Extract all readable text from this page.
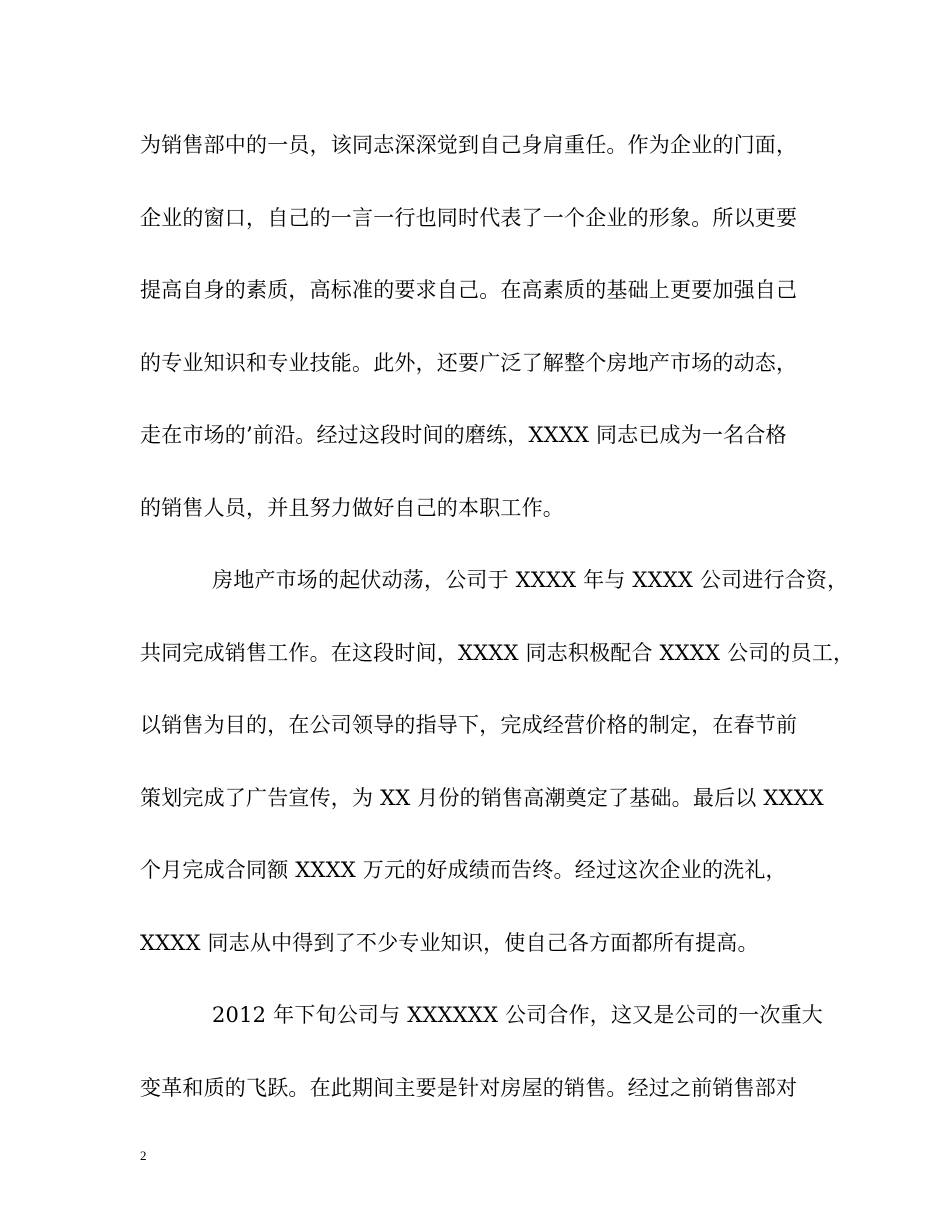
为销售部中的一员，该同志深深觉到自己身肩重任。作为企业的门面，
企业的窗口，自己的一言一行也同时代表了一个企业的形象。所以更要
提高自身的素质，高标准的要求自己。在高素质的基础上更要加强自己
的专业知识和专业技能。此外，还要广泛了解整个房地产市场的动态，
走在市场的’前沿。经过这段时间的磨练，XXXX 同志已成为一名合格
的销售人员，并且努力做好自己的本职工作。
房地产市场的起伏动荡，公司于 XXXX 年与 XXXX 公司进行合资，
共同完成销售工作。在这段时间，XXXX 同志积极配合 XXXX 公司的员工，
以销售为目的，在公司领导的指导下，完成经营价格的制定，在春节前
策划完成了广告宣传，为 XX 月份的销售高潮奠定了基础。最后以 XXXX
个月完成合同额 XXXX 万元的好成绩而告终。经过这次企业的洗礼，
XXXX 同志从中得到了不少专业知识，使自己各方面都所有提高。
2012 年下旬公司与 XXXXXX 公司合作，这又是公司的一次重大
变革和质的飞跃。在此期间主要是针对房屋的销售。经过之前销售部对
2
